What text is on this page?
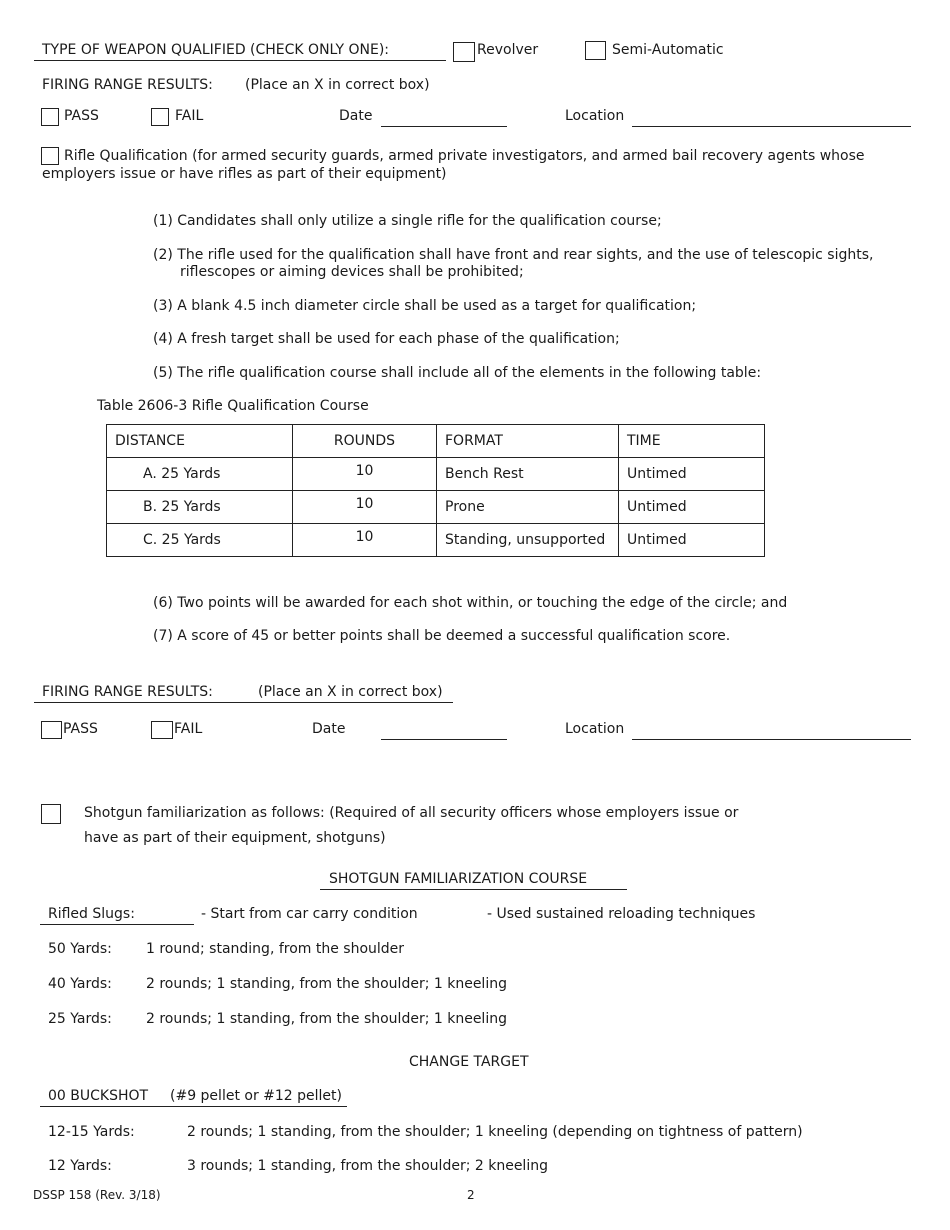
TYPE OF WEAPON QUALIFIED (CHECK ONLY ONE):	Revolver	Semi-Automatic
FIRING RANGE RESULTS: (Place an X in correct box)
PASS	FAIL	Date	Location
Rifle Qualification (for armed security guards, armed private investigators, and armed bail recovery agents whose employers issue or have rifles as part of their equipment)
(1) Candidates shall only utilize a single rifle for the qualification course;
(2) The rifle used for the qualification shall have front and rear sights, and the use of telescopic sights,
riflescopes or aiming devices shall be prohibited;
(3) A blank 4.5 inch diameter circle shall be used as a target for qualification;
(4) A fresh target shall be used for each phase of the qualification;
(5) The rifle qualification course shall include all of the elements in the following table:
Table 2606-3 Rifle Qualification Course
DISTANCE	ROUNDS	FORMAT	TIME
A. 25 Yards	10	Bench Rest	Untimed
B. 25 Yards	10	Prone	Untimed
C. 25 Yards	10	Standing, unsupported	Untimed
(6) Two points will be awarded for each shot within, or touching the edge of the circle; and
(7) A score of 45 or better points shall be deemed a successful qualification score.
FIRING RANGE RESULTS:	(Place an X in correct box)
PASS	FAIL	Date	Location
Shotgun familiarization as follows: (Required of all security officers whose employers issue or
have as part of their equipment, shotguns)
SHOTGUN FAMILIARIZATION COURSE
Rifled Slugs:	- Start from car carry condition	- Used sustained reloading techniques
50 Yards: 1 round; standing, from the shoulder
40 Yards: 2 rounds; 1 standing, from the shoulder; 1 kneeling
25 Yards: 2 rounds; 1 standing, from the shoulder; 1 kneeling
CHANGE TARGET
00 BUCKSHOT (#9 pellet or #12 pellet)
12-15 Yards:	2 rounds; 1 standing, from the shoulder; 1 kneeling (depending on tightness of pattern)
12 Yards:	3 rounds; 1 standing, from the shoulder; 2 kneeling
DSSP 158 (Rev. 3/18)	2
